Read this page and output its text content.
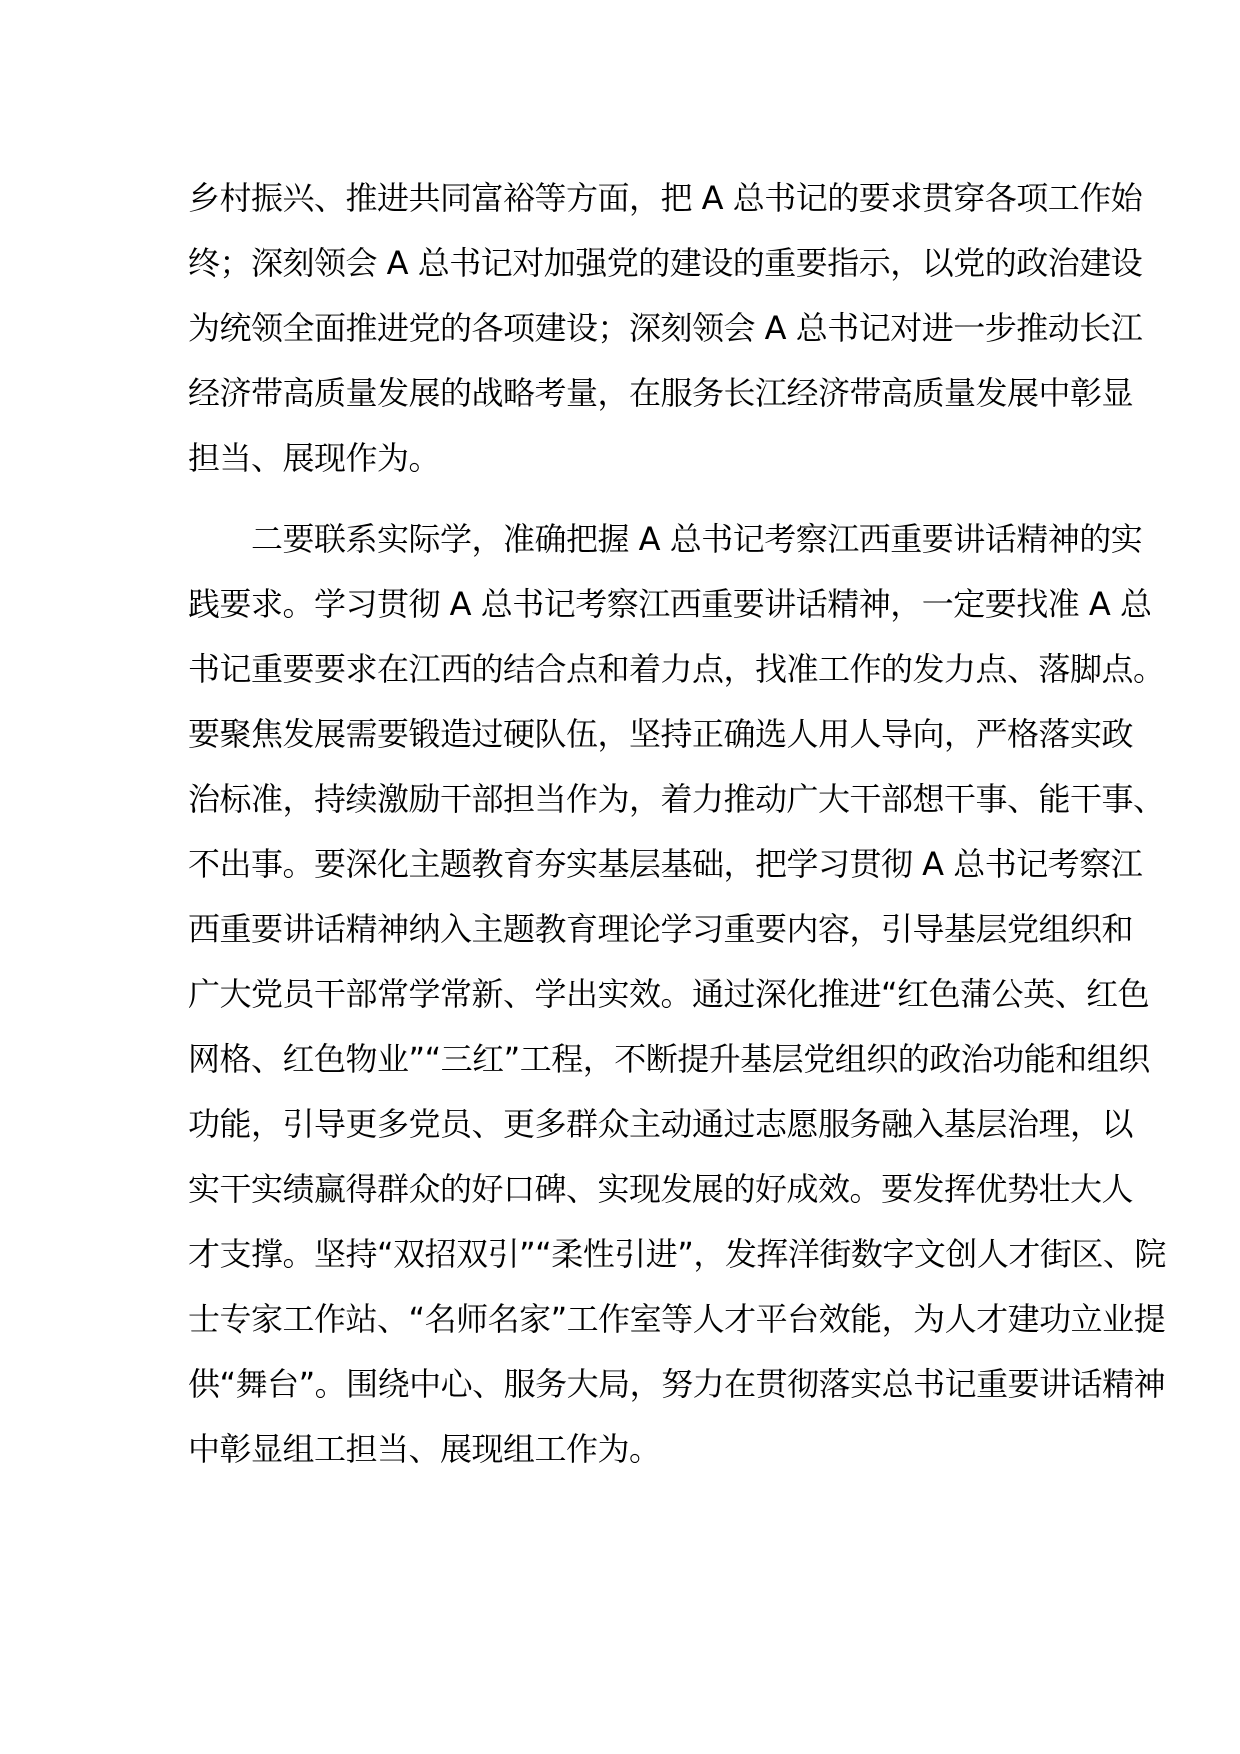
乡村振兴、推进共同富裕等方面，把 A 总书记的要求贯穿各项工作始
终；深刻领会 A 总书记对加强党的建设的重要指示，以党的政治建设
为统领全面推进党的各项建设；深刻领会 A 总书记对进一步推动长江
经济带高质量发展的战略考量，在服务长江经济带高质量发展中彰显
担当、展现作为。
　　二要联系实际学，准确把握 A 总书记考察江西重要讲话精神的实
践要求。学习贯彻 A 总书记考察江西重要讲话精神，一定要找准 A 总
书记重要要求在江西的结合点和着力点，找准工作的发力点、落脚点。
要聚焦发展需要锻造过硬队伍，坚持正确选人用人导向，严格落实政
治标准，持续激励干部担当作为，着力推动广大干部想干事、能干事、
不出事。要深化主题教育夯实基层基础，把学习贯彻 A 总书记考察江
西重要讲话精神纳入主题教育理论学习重要内容，引导基层党组织和
广大党员干部常学常新、学出实效。通过深化推进“红色蒲公英、红色
网格、红色物业”“三红”工程，不断提升基层党组织的政治功能和组织
功能，引导更多党员、更多群众主动通过志愿服务融入基层治理，以
实干实绩赢得群众的好口碑、实现发展的好成效。要发挥优势壮大人
才支撑。坚持“双招双引”“柔性引进”，发挥洋街数字文创人才街区、院
士专家工作站、“名师名家”工作室等人才平台效能，为人才建功立业提
供“舞台”。围绕中心、服务大局，努力在贯彻落实总书记重要讲话精神
中彰显组工担当、展现组工作为。
